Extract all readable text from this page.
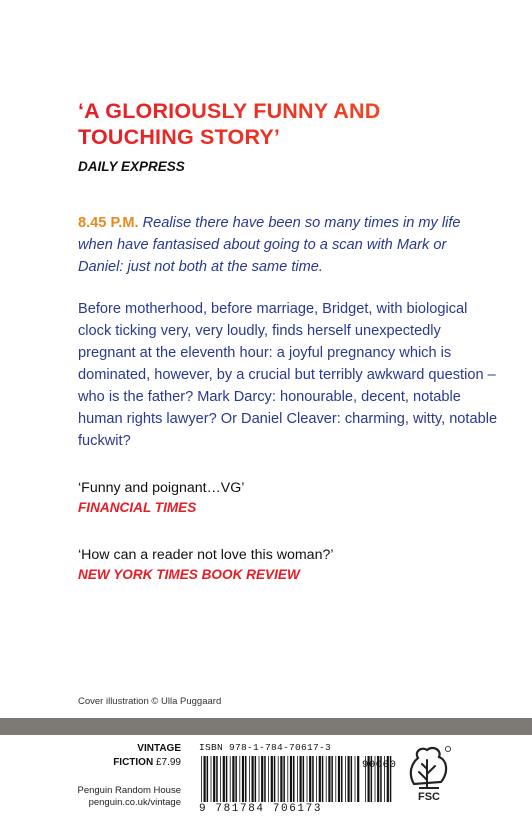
‘A GLORIOUSLY FUNNY AND
TOUCHING STORY’
DAILY EXPRESS
8.45 P.M. Realise there have been so many times in my life when have fantasised about going to a scan with Mark or Daniel: just not both at the same time.
Before motherhood, before marriage, Bridget, with biological clock ticking very, very loudly, finds herself unexpectedly pregnant at the eleventh hour: a joyful pregnancy which is dominated, however, by a crucial but terribly awkward question – who is the father? Mark Darcy: honourable, decent, notable human rights lawyer? Or Daniel Cleaver: charming, witty, notable fuckwit?
‘Funny and poignant…VG’
FINANCIAL TIMES
‘How can a reader not love this woman?’
NEW YORK TIMES BOOK REVIEW
Cover illustration © Ulla Puggaard
VINTAGE
FICTION £7.99
Penguin Random House
penguin.co.uk/vintage
ISBN 978-1-784-70617-3
9 781784 706173
90000
FSC
